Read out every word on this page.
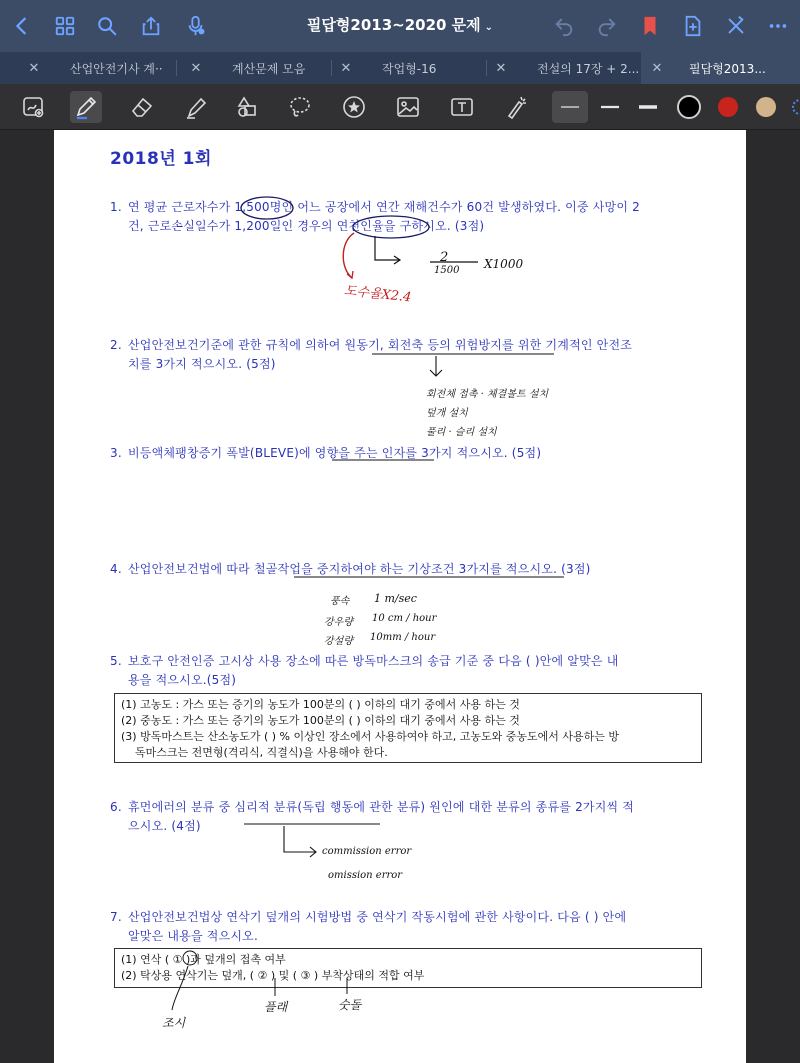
필답형2013~2020 문제 ⌄
✕	산업안전기사 계··	✕	계산문제 모음	✕	작업형-16	✕	전설의 17장 + 2... ✕	필답형2013...
2018년 1회
1. 연 평균 근로자수가 1,500명인 어느 공장에서 연간 재해건수가 60건 발생하였다. 이중 사망이 2
건, 근로손실일수가 1,200일인 경우의 연천인율을 구하시오. (3점)
2. 산업안전보건기준에 관한 규칙에 의하여 원동기, 회전축 등의 위험방지를 위한 기계적인 안전조
치를 3가지 적으시오. (5점)
3. 비등액체팽창증기 폭발(BLEVE)에 영향을 주는 인자를 3가지 적으시오. (5점)
4. 산업안전보건법에 따라 철골작업을 중지하여야 하는 기상조건 3가지를 적으시오. (3점)
5. 보호구 안전인증 고시상 사용 장소에 따른 방독마스크의 송급 기준 중 다음 ( )안에 알맞은 내
용을 적으시오.(5점)
(1) 고농도 : 가스 또는 증기의 농도가 100분의 ( ) 이하의 대기 중에서 사용 하는 것
(2) 중농도 : 가스 또는 증기의 농도가 100분의 ( ) 이하의 대기 중에서 사용 하는 것
(3) 방독마스트는 산소농도가 ( ) % 이상인 장소에서 사용하여야 하고, 고농도와 중농도에서 사용하는 방
독마스크는 전면형(격리식, 직결식)을 사용해야 한다.
6. 휴먼에러의 분류 중 심리적 분류(독립 행동에 관한 분류) 원인에 대한 분류의 종류를 2가지씩 적
으시오. (4점)
7. 산업안전보건법상 연삭기 덮개의 시험방법 중 연삭기 작동시험에 관한 사항이다. 다음 ( ) 안에
알맞은 내용을 적으시오.
(1) 연삭 ( ① )과 덮개의 접촉 여부
(2) 탁상용 연삭기는 덮개, ( ② ) 및 ( ③ ) 부착상태의 적합 여부
2
1500 X1000
도수율X2.4
회전체 접촉 · 체결볼트 설치
덮개 설치
풀리 · 슬리 설치
풍속 1 m/sec
강우량 10 cm / hour
강설량 10mm / hour
commission error
omission error
조시
플래	숫돌
